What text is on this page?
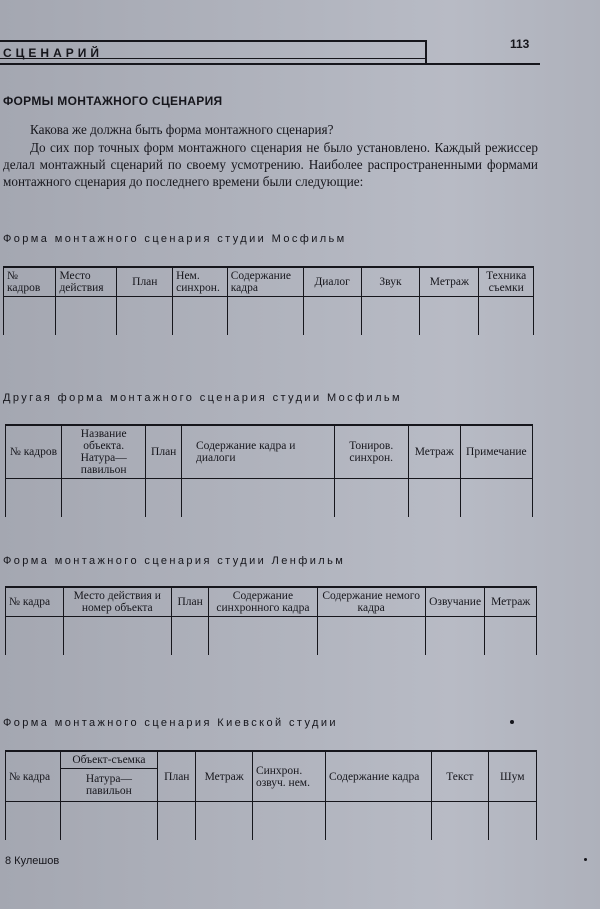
СЦЕНАРИЙ
113
ФОРМЫ МОНТАЖНОГО СЦЕНАРИЯ
Какова же должна быть форма монтажного сценария?
До сих пор точных форм монтажного сценария не было установлено. Каждый режиссер делал монтажный сценарий по своему усмотрению. Наиболее распространенными формами монтажного сценария до последнего времени были следующие:
Форма монтажного сценария студии Мосфильм
№ кадров	Место действия	План	Нем. синхрон.	Содержание кадра	Диалог	Звук	Метраж	Техника съемки

Другая форма монтажного сценария студии Мосфильм
№ кадров	Название объекта. Натура— павильон	План	Содержание кадра и диалоги	Тониров. синхрон.	Метраж	Примечание

Форма монтажного сценария студии Ленфильм
№ кадра	Место действия и номер объекта	План	Содержание синхронного кадра	Содержание немого кадра	Озвучание	Метраж

Форма монтажного сценария Киевской студии
№ кадра	Объект-съемка	План	Метраж	Синхрон. озвуч. нем.	Содержание кадра	Текст	Шум
	Натура— павильон						

8 Кулешов
